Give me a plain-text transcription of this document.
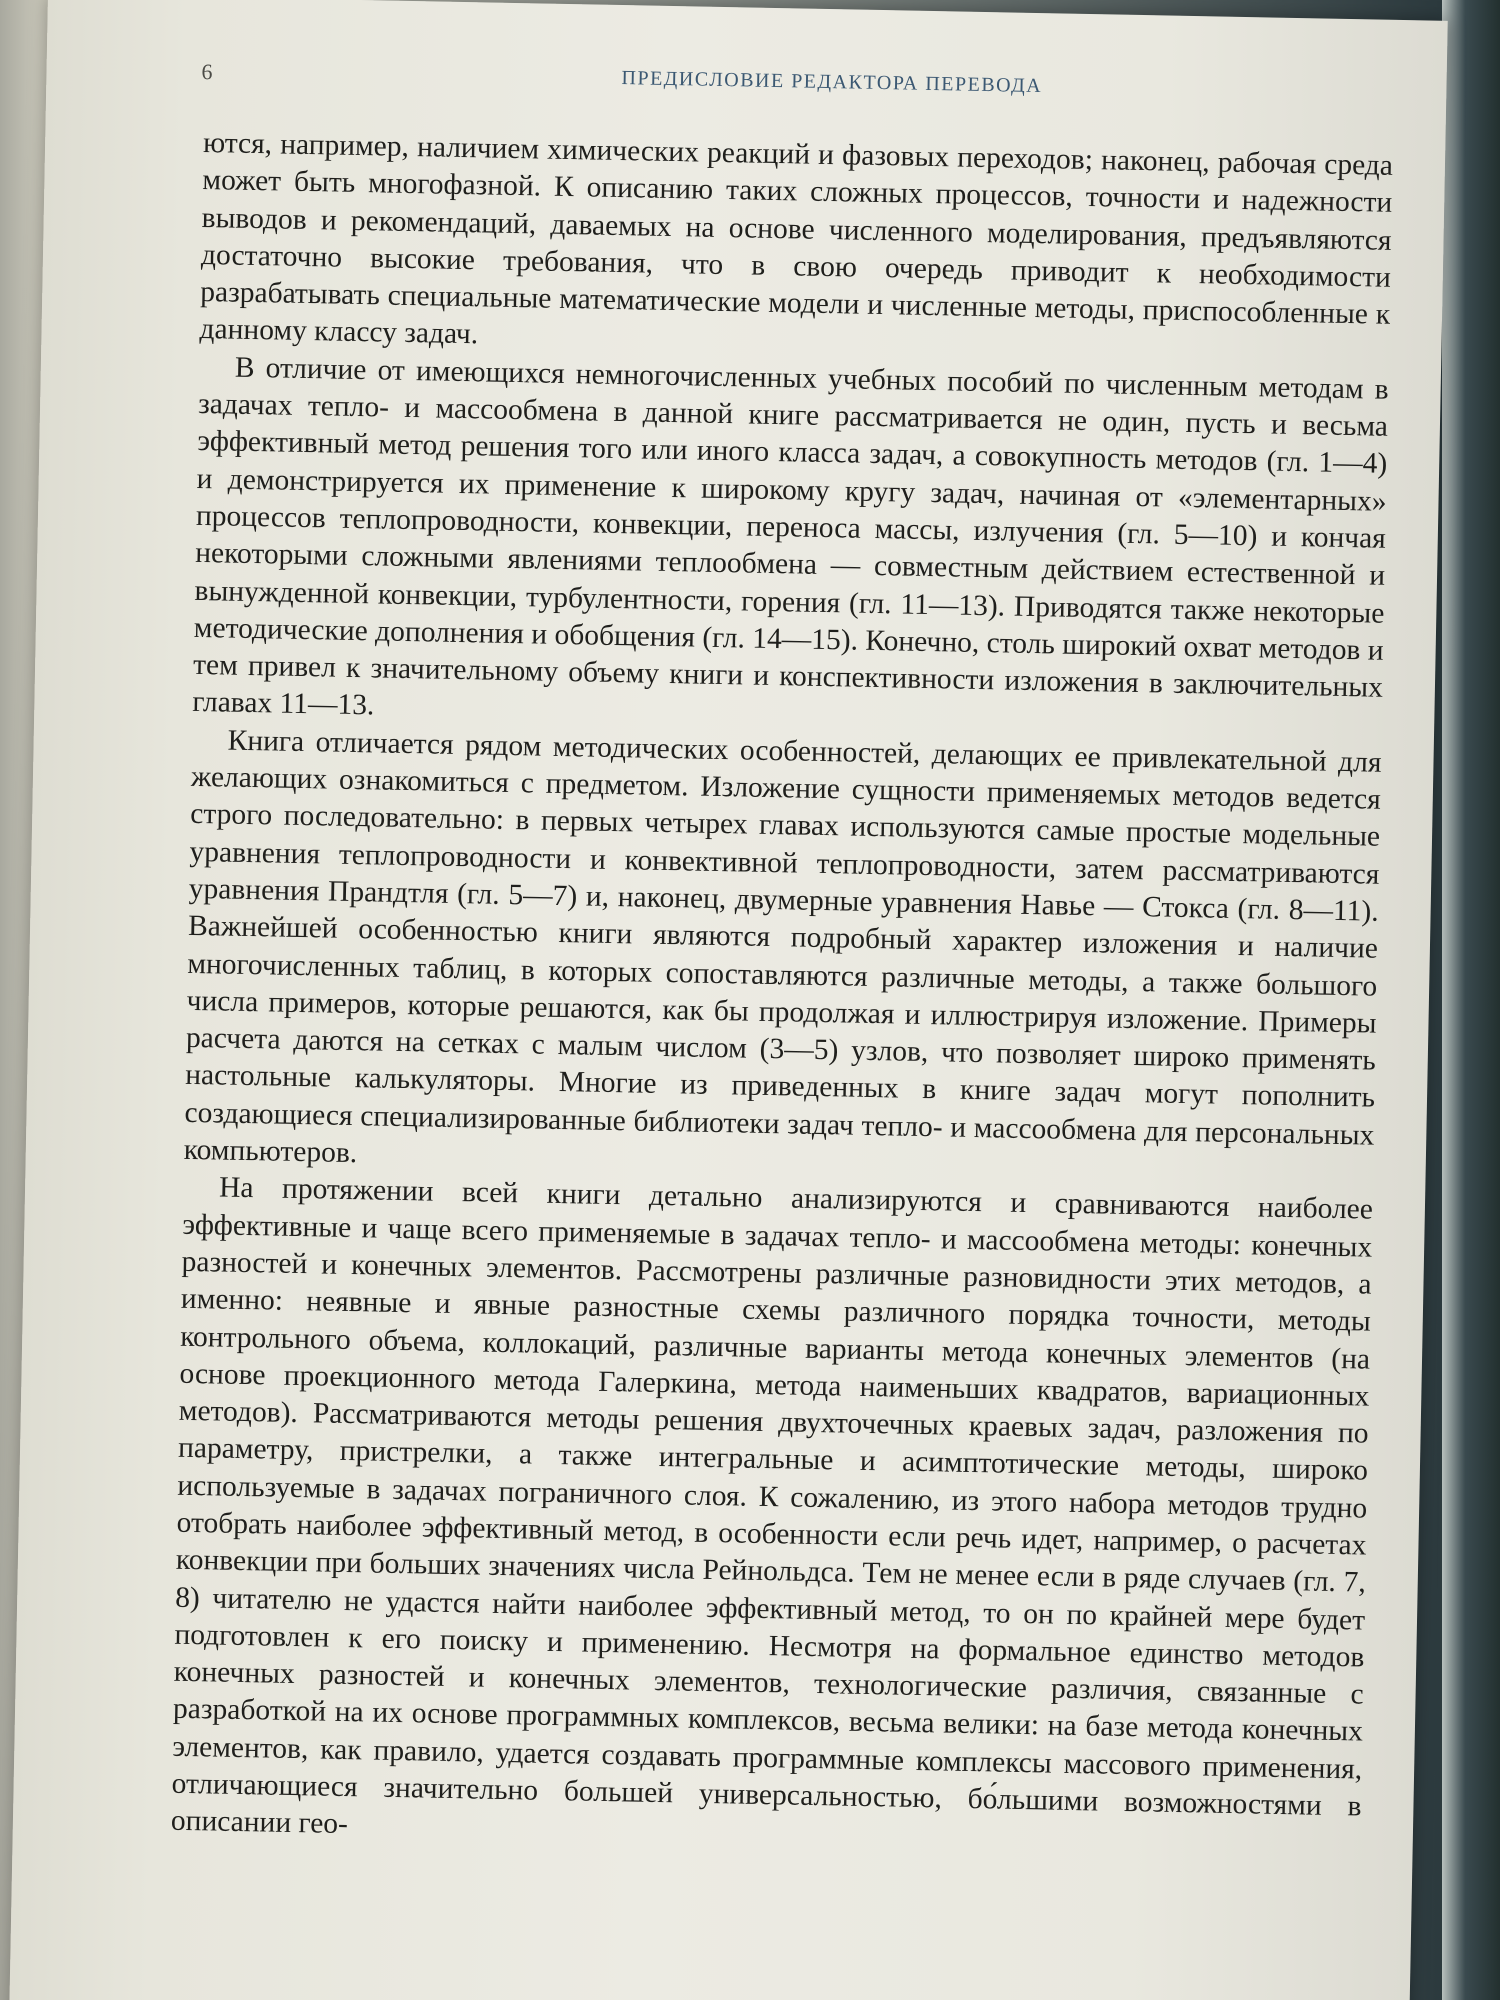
6	ПРЕДИСЛОВИЕ РЕДАКТОРА ПЕРЕВОДА

ются, например, наличием химических реакций и фазовых переходов; наконец, рабочая среда может быть многофазной. К описанию таких сложных процессов, точности и надежности выводов и рекомендаций, даваемых на основе численного моделирования, предъявляются достаточно высокие требования, что в свою очередь приводит к необходимости разрабатывать специальные математические модели и численные методы, приспособленные к данному классу задач.

В отличие от имеющихся немногочисленных учебных пособий по численным методам в задачах тепло- и массообмена в данной книге рассматривается не один, пусть и весьма эффективный метод решения того или иного класса задач, а совокупность методов (гл. 1—4) и демонстрируется их применение к широкому кругу задач, начиная от «элементарных» процессов теплопроводности, конвекции, переноса массы, излучения (гл. 5—10) и кончая некоторыми сложными явлениями теплообмена — совместным действием естественной и вынужденной конвекции, турбулентности, горения (гл. 11—13). Приводятся также некоторые методические дополнения и обобщения (гл. 14—15). Конечно, столь широкий охват методов и тем привел к значительному объему книги и конспективности изложения в заключительных главах 11—13.

Книга отличается рядом методических особенностей, делающих ее привлекательной для желающих ознакомиться с предметом. Изложение сущности применяемых методов ведется строго последовательно: в первых четырех главах используются самые простые модельные уравнения теплопроводности и конвективной теплопроводности, затем рассматриваются уравнения Прандтля (гл. 5—7) и, наконец, двумерные уравнения Навье — Стокса (гл. 8—11). Важнейшей особенностью книги являются подробный характер изложения и наличие многочисленных таблиц, в которых сопоставляются различные методы, а также большого числа примеров, которые решаются, как бы продолжая и иллюстрируя изложение. Примеры расчета даются на сетках с малым числом (3—5) узлов, что позволяет широко применять настольные калькуляторы. Многие из приведенных в книге задач могут пополнить создающиеся специализированные библиотеки задач тепло- и массообмена для персональных компьютеров.

На протяжении всей книги детально анализируются и сравниваются наиболее эффективные и чаще всего применяемые в задачах тепло- и массообмена методы: конечных разностей и конечных элементов. Рассмотрены различные разновидности этих методов, а именно: неявные и явные разностные схемы различного порядка точности, методы контрольного объема, коллокаций, различные варианты метода конечных элементов (на основе проекционного метода Галеркина, метода наименьших квадратов, вариационных методов). Рассматриваются методы решения двухточечных краевых задач, разложения по параметру, пристрелки, а также интегральные и асимптотические методы, широко используемые в задачах пограничного слоя. К сожалению, из этого набора методов трудно отобрать наиболее эффективный метод, в особенности если речь идет, например, о расчетах конвекции при больших значениях числа Рейнольдса. Тем не менее если в ряде случаев (гл. 7, 8) читателю не удастся найти наиболее эффективный метод, то он по крайней мере будет подготовлен к его поиску и применению. Несмотря на формальное единство методов конечных разностей и конечных элементов, технологические различия, связанные с разработкой на их основе программных комплексов, весьма велики: на базе метода конечных элементов, как правило, удается создавать программные комплексы массового применения, отличающиеся значительно большей универсальностью, бо́льшими возможностями в описании гео-
